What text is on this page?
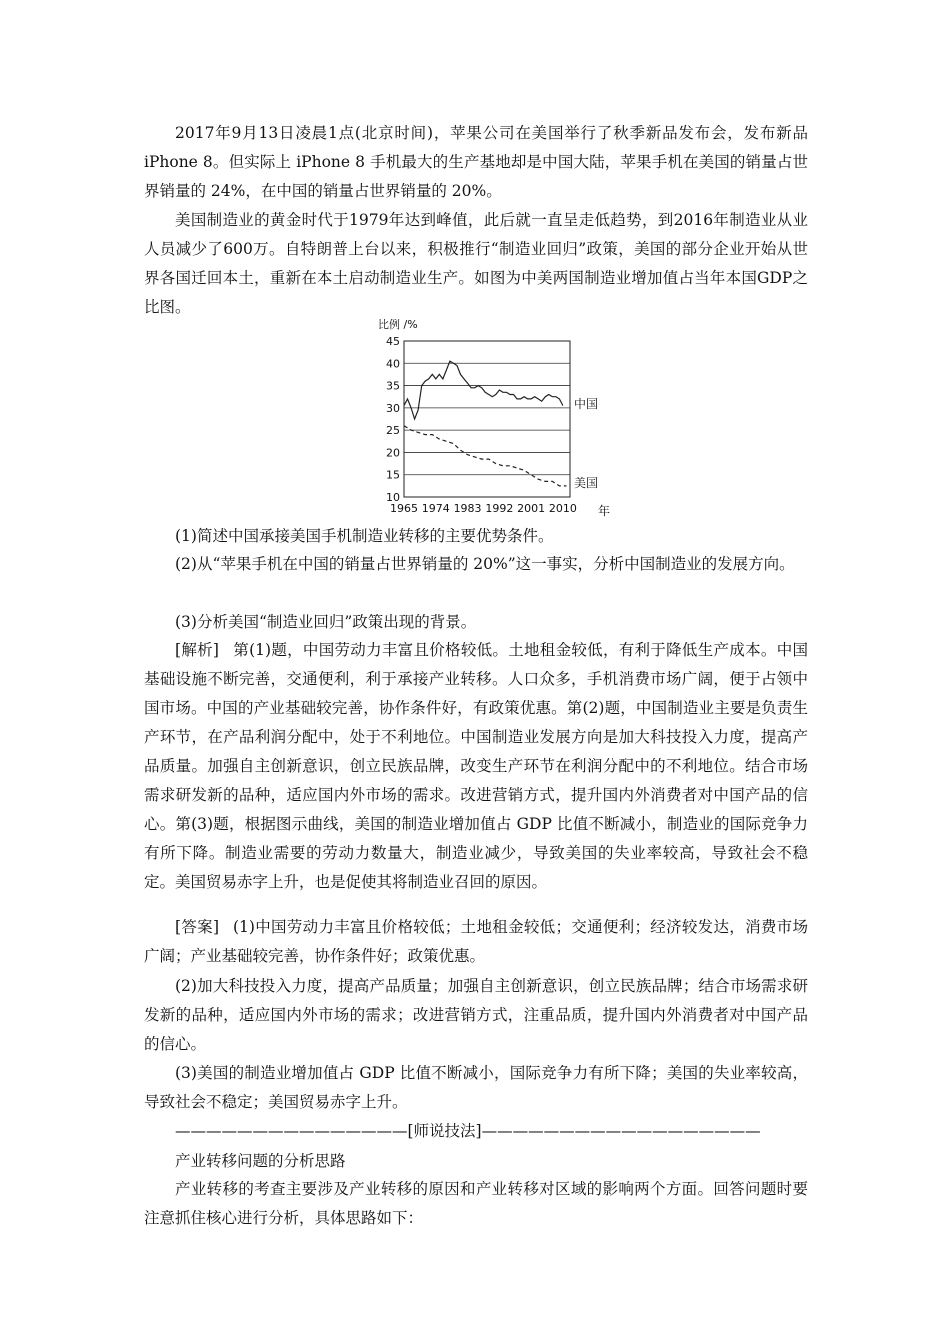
2017年9月13日凌晨1点(北京时间)，苹果公司在美国举行了秋季新品发布会，发布新品 iPhone 8。但实际上 iPhone 8 手机最大的生产基地却是中国大陆，苹果手机在美国的销量占世界销量的 24%，在中国的销量占世界销量的 20%。

美国制造业的黄金时代于1979年达到峰值，此后就一直呈走低趋势，到2016年制造业从业人员减少了600万。自特朗普上台以来，积极推行“制造业回归”政策，美国的部分企业开始从世界各国迁回本土，重新在本土启动制造业生产。如图为中美两国制造业增加值占当年本国GDP之比图。

10
15
20
25
30
35
40
45
1965 1974 1983 1992 2001 2010
比例 /%
年
中国
美国

(1)简述中国承接美国手机制造业转移的主要优势条件。

(2)从“苹果手机在中国的销量占世界销量的 20%”这一事实，分析中国制造业的发展方向。

(3)分析美国“制造业回归”政策出现的背景。

[解析] 第(1)题，中国劳动力丰富且价格较低。土地租金较低，有利于降低生产成本。中国基础设施不断完善，交通便利，利于承接产业转移。人口众多，手机消费市场广阔，便于占领中国市场。中国的产业基础较完善，协作条件好，有政策优惠。第(2)题，中国制造业主要是负责生产环节，在产品利润分配中，处于不利地位。中国制造业发展方向是加大科技投入力度，提高产品质量。加强自主创新意识，创立民族品牌，改变生产环节在利润分配中的不利地位。结合市场需求研发新的品种，适应国内外市场的需求。改进营销方式，提升国内外消费者对中国产品的信心。第(3)题，根据图示曲线，美国的制造业增加值占 GDP 比值不断减小，制造业的国际竞争力有所下降。制造业需要的劳动力数量大，制造业减少，导致美国的失业率较高，导致社会不稳定。美国贸易赤字上升，也是促使其将制造业召回的原因。

[答案] (1)中国劳动力丰富且价格较低；土地租金较低；交通便利；经济较发达，消费市场广阔；产业基础较完善，协作条件好；政策优惠。

(2)加大科技投入力度，提高产品质量；加强自主创新意识，创立民族品牌；结合市场需求研发新的品种，适应国内外市场的需求；改进营销方式，注重品质，提升国内外消费者对中国产品的信心。

(3)美国的制造业增加值占 GDP 比值不断减小，国际竞争力有所下降；美国的失业率较高，导致社会不稳定；美国贸易赤字上升。

———————————————[师说技法]——————————————————

产业转移问题的分析思路

产业转移的考查主要涉及产业转移的原因和产业转移对区域的影响两个方面。回答问题时要注意抓住核心进行分析，具体思路如下：
